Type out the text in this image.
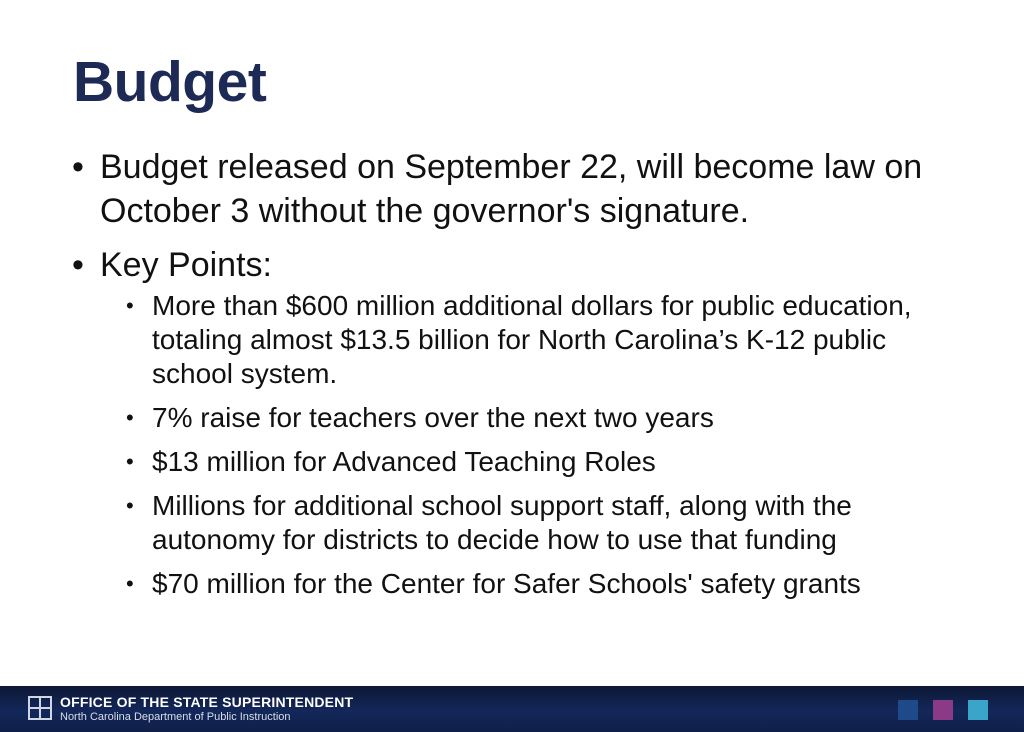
Budget
• Budget released on September 22, will become law on October 3 without the governor's signature.
• Key Points:
• More than $600 million additional dollars for public education, totaling almost $13.5 billion for North Carolina’s K-12 public school system.
• 7% raise for teachers over the next two years
• $13 million for Advanced Teaching Roles
• Millions for additional school support staff, along with the autonomy for districts to decide how to use that funding
• $70 million for the Center for Safer Schools' safety grants
OFFICE OF THE STATE SUPERINTENDENT
North Carolina Department of Public Instruction
